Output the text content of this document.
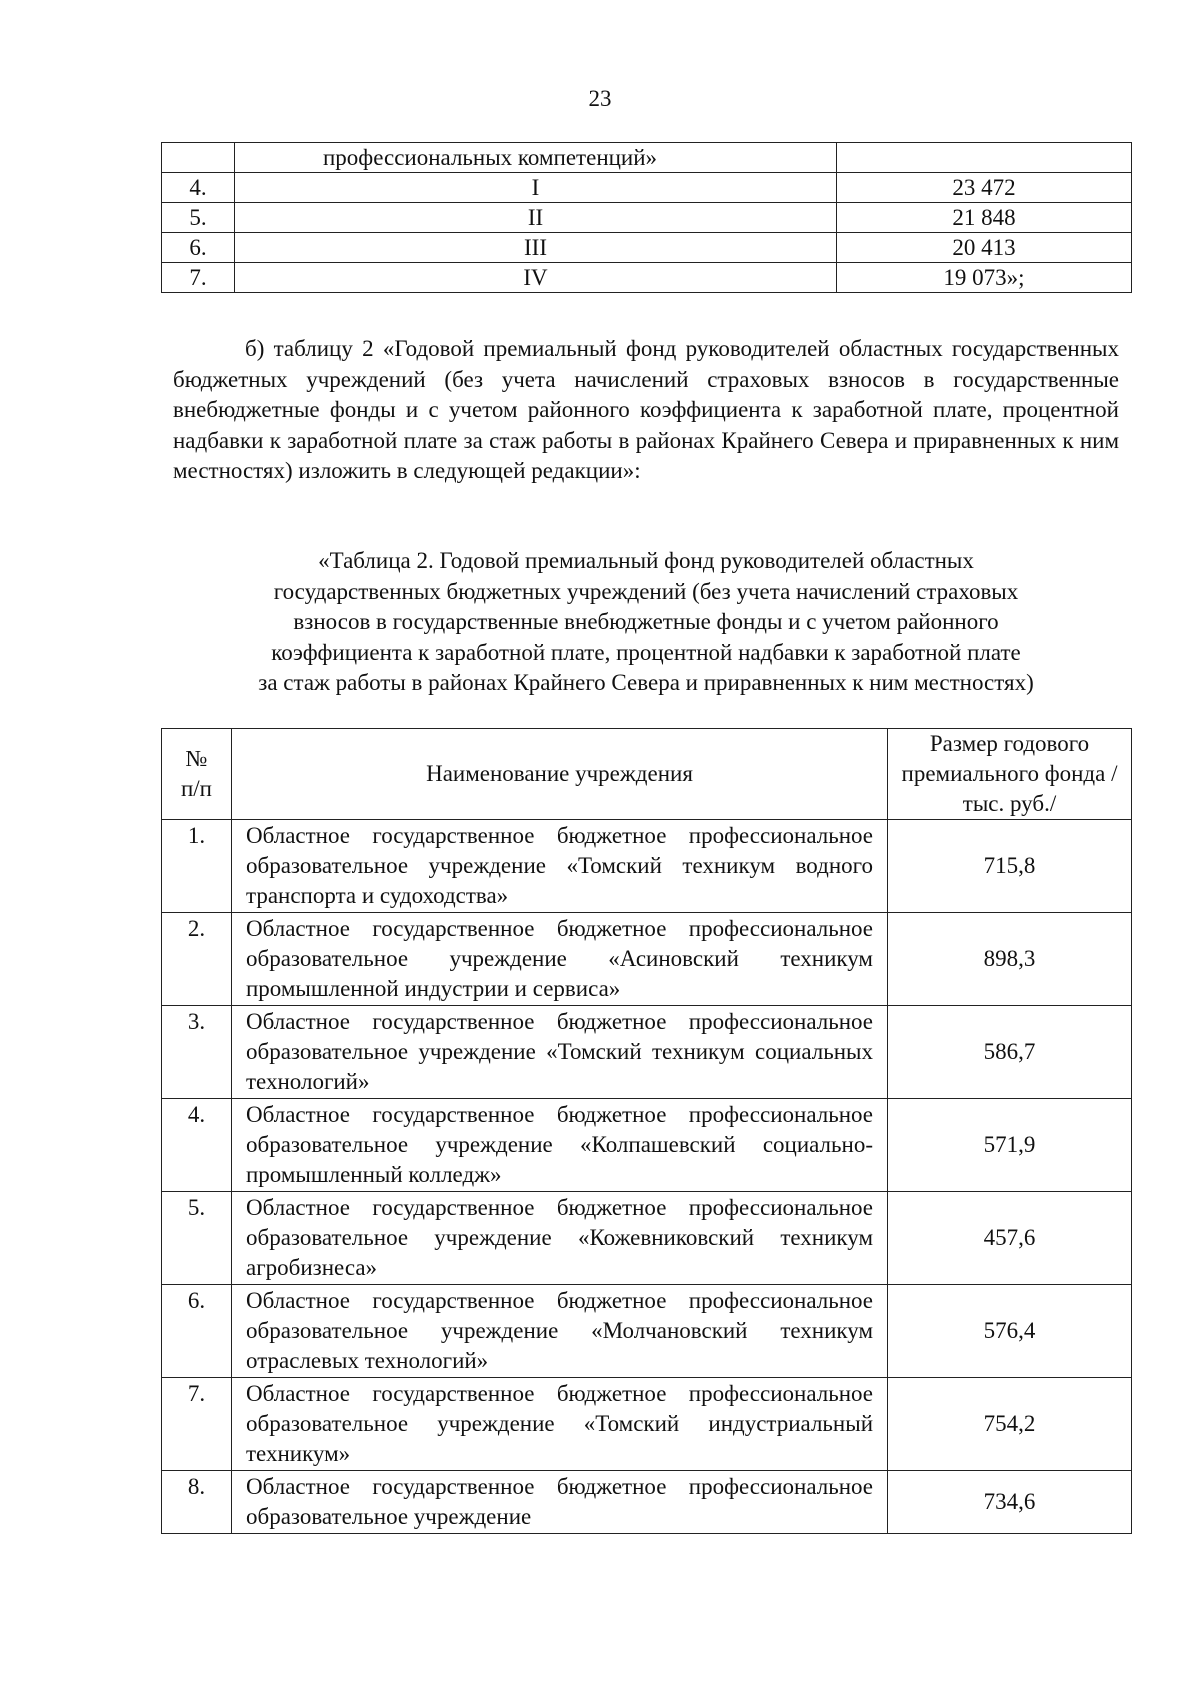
23
	профессиональных компетенций»	
4.	I	23 472
5.	II	21 848
6.	III	20 413
7.	IV	19 073»;
б) таблицу 2 «Годовой премиальный фонд руководителей областных государственных бюджетных учреждений (без учета начислений страховых взносов в государственные внебюджетные фонды и с учетом районного коэффициента к заработной плате, процентной надбавки к заработной плате за стаж работы в районах Крайнего Севера и приравненных к ним местностях) изложить в следующей редакции»:
«Таблица 2. Годовой премиальный фонд руководителей областных
государственных бюджетных учреждений (без учета начислений страховых
взносов в государственные внебюджетные фонды и с учетом районного
коэффициента к заработной плате, процентной надбавки к заработной плате
за стаж работы в районах Крайнего Севера и приравненных к ним местностях)
№ п/п	Наименование учреждения	Размер годового премиального фонда /тыс. руб./
1.	Областное государственное бюджетное профессиональное образовательное учреждение «Томский техникум водного транспорта и судоходства»	715,8
2.	Областное государственное бюджетное профессиональное образовательное учреждение «Асиновский техникум промышленной индустрии и сервиса»	898,3
3.	Областное государственное бюджетное профессиональное образовательное учреждение «Томский техникум социальных технологий»	586,7
4.	Областное государственное бюджетное профессиональное образовательное учреждение «Колпашевский социально-промышленный колледж»	571,9
5.	Областное государственное бюджетное профессиональное образовательное учреждение «Кожевниковский техникум агробизнеса»	457,6
6.	Областное государственное бюджетное профессиональное образовательное учреждение «Молчановский техникум отраслевых технологий»	576,4
7.	Областное государственное бюджетное профессиональное образовательное учреждение «Томский индустриальный техникум»	754,2
8.	Областное государственное бюджетное профессиональное образовательное учреждение	734,6
